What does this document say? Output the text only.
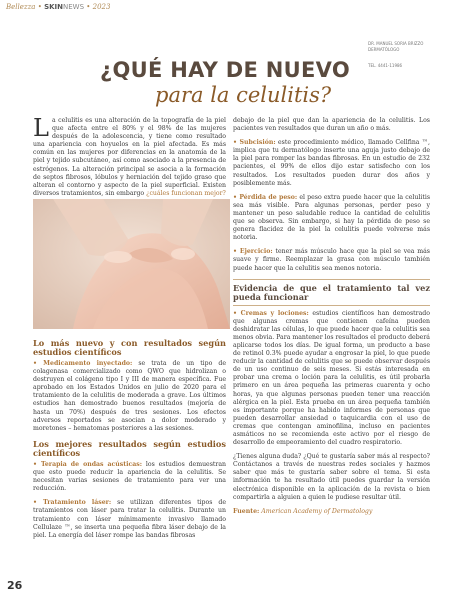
Bellezza • SKINNEWS • 2023
DR. MANUEL SORIA BRIZZO
DERMATÓLOGO
TEL. 4441-11986
¿QUÉ HAY DE NUEVO
para la celulitis?

La celulitis es una alteración de la topografía de la piel que afecta entre el 80% y el 98% de las mujeres después de la adolescencia, y tiene como resultado una apariencia con hoyuelos en la piel afectada. Es más común en las mujeres por diferencias en la anatomía de la piel y tejido subcutáneo, así como asociado a la presencia de estrógenos. La alteración principal se asocia a la formación de septos fibrosos, lóbulos y herniación del tejido graso que alteran el contorno y aspecto de la piel superficial. Existen diversos tratamientos, sin embargo ¿cuáles funcionan mejor?

Lo más nuevo y con resultados según estudios científicos

• Medicamento inyectado: se trata de un tipo de colagenasa comercializado como QWO que hidrolizan o destruyen el colágeno tipo I y III de manera específica. Fue aprobado en los Estados Unidos en julio de 2020 para el tratamiento de la celulitis de moderada a grave. Los últimos estudios han demostrado buenos resultados (mejoría de hasta un 70%) después de tres sesiones. Los efectos adversos reportados se asocian a dolor moderado y moretones – hematomas posteriores a las sesiones.

Los mejores resultados según estudios científicos

• Terapia de ondas acústicas: los estudios demuestran que esto puede reducir la apariencia de la celulitis. Se necesitan varias sesiones de tratamiento para ver una reducción.

• Tratamiento láser: se utilizan diferentes tipos de tratamientos con láser para tratar la celulitis. Durante un tratamiento con láser mínimamente invasivo llamado Cellulaze ™, se inserta una pequeña fibra láser debajo de la piel. La energía del láser rompe las bandas fibrosas

debajo de la piel que dan la apariencia de la celulitis. Los pacientes ven resultados que duran un año o más.

• Subcisión: este procedimiento médico, llamado Cellfina ™, implica que tu dermatólogo inserte una aguja justo debajo de la piel para romper las bandas fibrosas. En un estudio de 232 pacientes, el 99% de ellos dijo estar satisfecho con los resultados. Los resultados pueden durar dos años y posiblemente más.

• Pérdida de peso: el peso extra puede hacer que la celulitis sea más visible. Para algunas personas, perder peso y mantener un peso saludable reduce la cantidad de celulitis que se observa. Sin embargo, si hay la pérdida de peso se genera flacidez de la piel la celulitis puede volverse más notoria.

• Ejercicio: tener más músculo hace que la piel se vea más suave y firme. Reemplazar la grasa con músculo también puede hacer que la celulitis sea menos notoria.

Evidencia de que el tratamiento tal vez pueda funcionar

• Cremas y lociones: estudios científicos han demostrado que algunas cremas que contienen cafeína pueden deshidratar las células, lo que puede hacer que la celulitis sea menos obvia. Para mantener los resultados el producto deberá aplicarse todos los días. De igual forma, un producto a base de retinol 0.3% puede ayudar a engrosar la piel, lo que puede reducir la cantidad de celulitis que se puede observar después de un uso continuo de seis meses. Si estás interesada en probar una crema o loción para la celulitis, es útil probarla primero en un área pequeña las primeras cuarenta y ocho horas, ya que algunas personas pueden tener una reacción alérgica en la piel. Esta prueba en un área pequeña también es importante porque ha habido informes de personas que pueden desarrollar ansiedad o taquicardia con el uso de cremas que contengan aminofilina, incluso en pacientes asmáticos no se recomienda este activo por el riesgo de desarrollo de empeoramiento del cuadro respiratorio.

¿Tienes alguna duda? ¿Qué te gustaría saber más al respecto? Contáctanos a través de nuestras redes sociales y hazmos saber que más te gustaría saber sobre el tema. Si esta información te ha resultado útil puedes guardar la versión electrónica disponible en la aplicación de la revista o bien compartirla a alguien a quien le pudiese resultar útil.

Fuente: American Academy of Dermatology

26
